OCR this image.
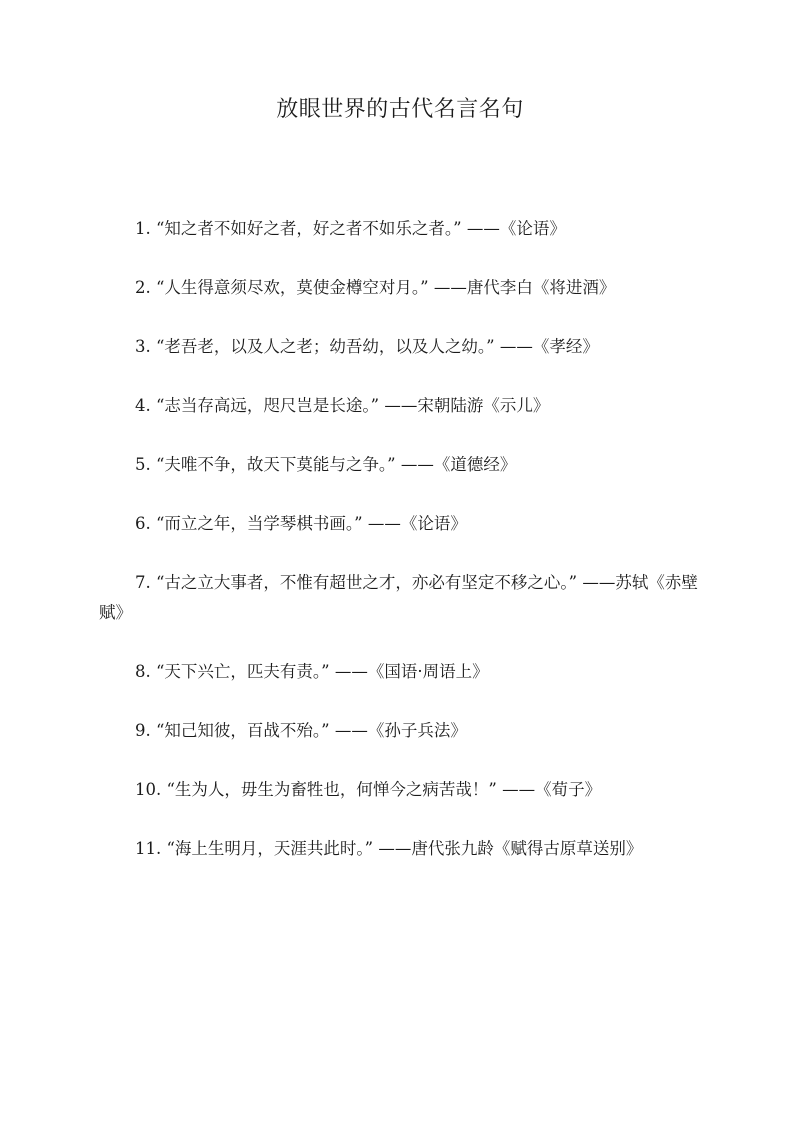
放眼世界的古代名言名句
1. “知之者不如好之者，好之者不如乐之者。” ——《论语》
2. “人生得意须尽欢，莫使金樽空对月。” ——唐代李白《将进酒》
3. “老吾老，以及人之老；幼吾幼，以及人之幼。” ——《孝经》
4. “志当存高远，咫尺岂是长途。” ——宋朝陆游《示儿》
5. “夫唯不争，故天下莫能与之争。” ——《道德经》
6. “而立之年，当学琴棋书画。” ——《论语》
7. “古之立大事者，不惟有超世之才，亦必有坚定不移之心。” ——苏轼《赤壁赋》
8. “天下兴亡，匹夫有责。” ——《国语·周语上》
9. “知己知彼，百战不殆。” ——《孙子兵法》
10. “生为人，毋生为畜牲也，何惮今之病苦哉！” ——《荀子》
11. “海上生明月，天涯共此时。” ——唐代张九龄《赋得古原草送别》
